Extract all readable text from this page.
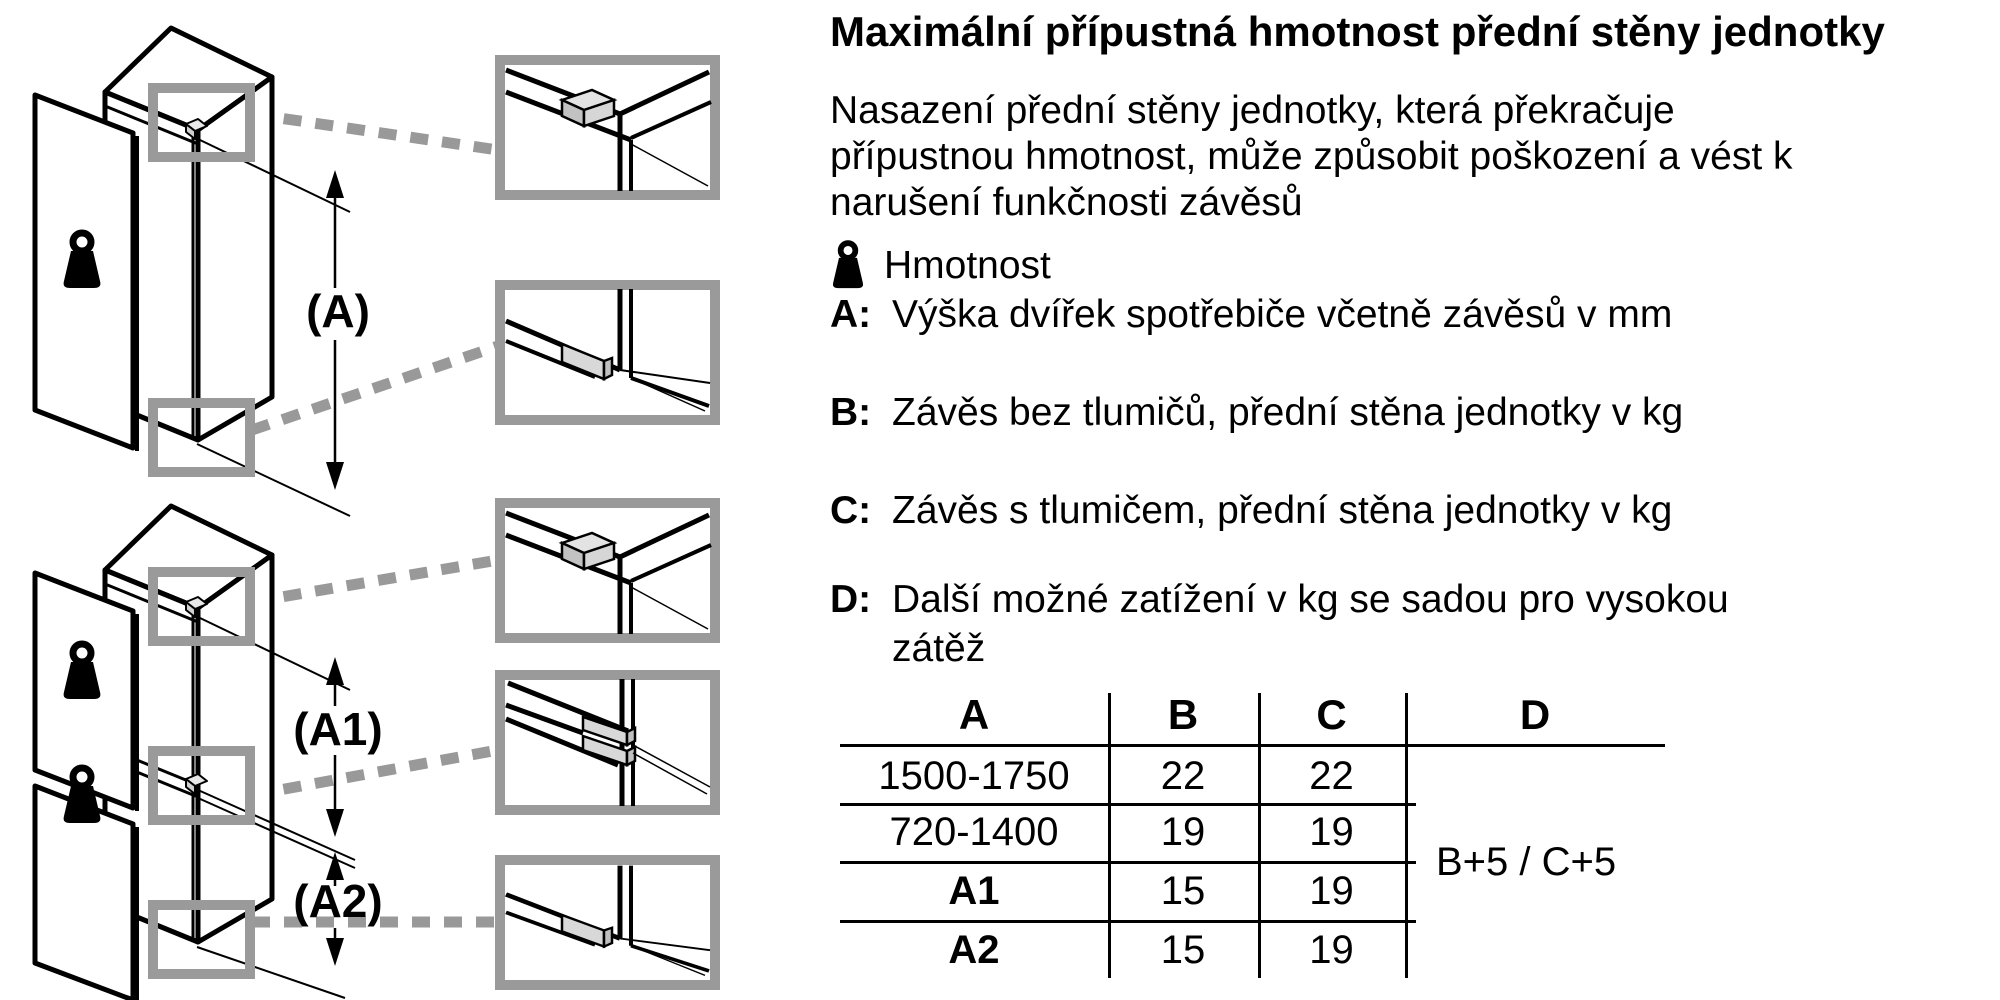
(A)
(A1)
(A2)
Maximální přípustná hmotnost přední stěny jednotky
Nasazení přední stěny jednotky, která překračuje
přípustnou hmotnost, může způsobit poškození a vést k
narušení funkčnosti závěsů
Hmotnost
A: Výška dvířek spotřebiče včetně závěsů v mm
B: Závěs bez tlumičů, přední stěna jednotky v kg
C: Závěs s tlumičem, přední stěna jednotky v kg
D: Další možné zatížení v kg se sadou pro vysokou
zátěž
A	B	C	D
1500-1750	22	22
720-1400	19	19
A1	15	19
A2	15	19
B+5 / C+5
